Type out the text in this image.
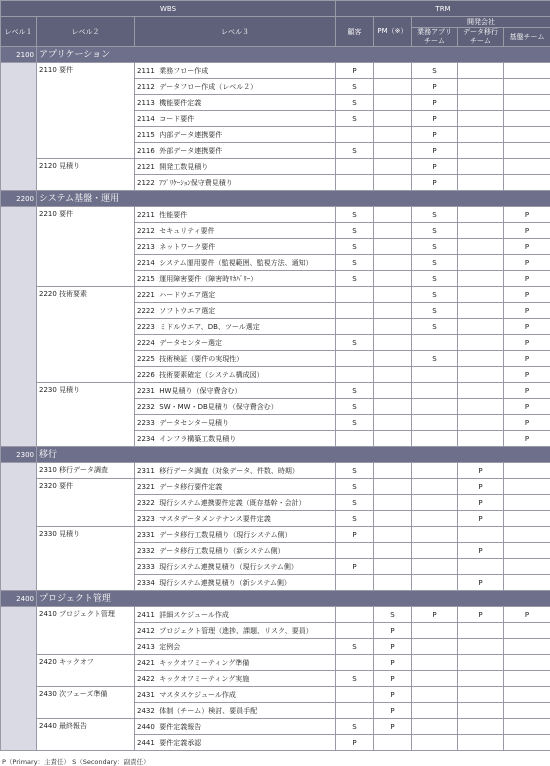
WBS			TRM				
レベル１	レベル２	レベル３	顧客	PM（※）	開発会社		
					業務アプリチーム	データ移行チーム	基盤チーム
2100	アプリケーション						
	2110 要件	2111 業務フロー作成	P		S		
		2112 データフロー作成（レベル２）	S		P		
		2113 機能要件定義	S		P		
		2114 コード要件	S		P		
		2115 内部データ連携要件			P		
		2116 外部データ連携要件	S		P		
	2120 見積り	2121 開発工数見積り			P		
		2122 ｱﾌﾟﾘｹｰｼｮﾝ保守費見積り			P		
2200	システム基盤・運用						
	2210 要件	2211 性能要件	S		S		P
		2212 セキュリティ要件	S		S		P
		2213 ネットワーク要件	S		S		P
		2214 システム運用要件（監視範囲、監視方法、通知）	S		S		P
		2215 運用障害要件（障害時ﾘｶﾊﾞﾘｰ）	S		S		P
	2220 技術要素	2221 ハードウエア選定			S		P
		2222 ソフトウエア選定			S		P
		2223 ミドルウエア、DB、ツール選定			S		P
		2224 データセンター選定	S				P
		2225 技術検証（要件の実現性）			S		P
		2226 技術要素確定（システム構成図）					P
	2230 見積り	2231 HW見積り（保守費含む）	S				P
		2232 SW・MW・DB見積り（保守費含む）	S				P
		2233 データセンター見積り	S				P
		2234 インフラ構築工数見積り					P
2300	移行						
	2310 移行データ調査	2311 移行データ調査（対象データ、件数、時期）	S			P	
	2320 要件	2321 データ移行要件定義	S			P	
		2322 現行システム連携要件定義（既存基幹・会計）	S			P	
		2323 マスタデータメンテナンス要件定義	S			P	
	2330 見積り	2331 データ移行工数見積り（現行システム側）	P				
		2332 データ移行工数見積り（新システム側）				P	
		2333 現行システム連携見積り（現行システム側）	P				
		2334 現行システム連携見積り（新システム側）				P	
2400	プロジェクト管理						
	2410 プロジェクト管理	2411 詳細スケジュール作成		S	P	P	P
		2412 プロジェクト管理（進捗、課題、リスク、要員）		P			
		2413 定例会	S	P			
	2420 キックオフ	2421 キックオフミーティング準備		P			
		2422 キックオフミーティング実施	S	P			
	2430 次フェーズ準備	2431 マスタスケジュール作成		P			
		2432 体制（チーム）検討、要員手配		P			
	2440 最終報告	2440 要件定義報告	S	P			
		2441 要件定義承認	P				
P（Primary：主責任） S（Secondary：副責任）
